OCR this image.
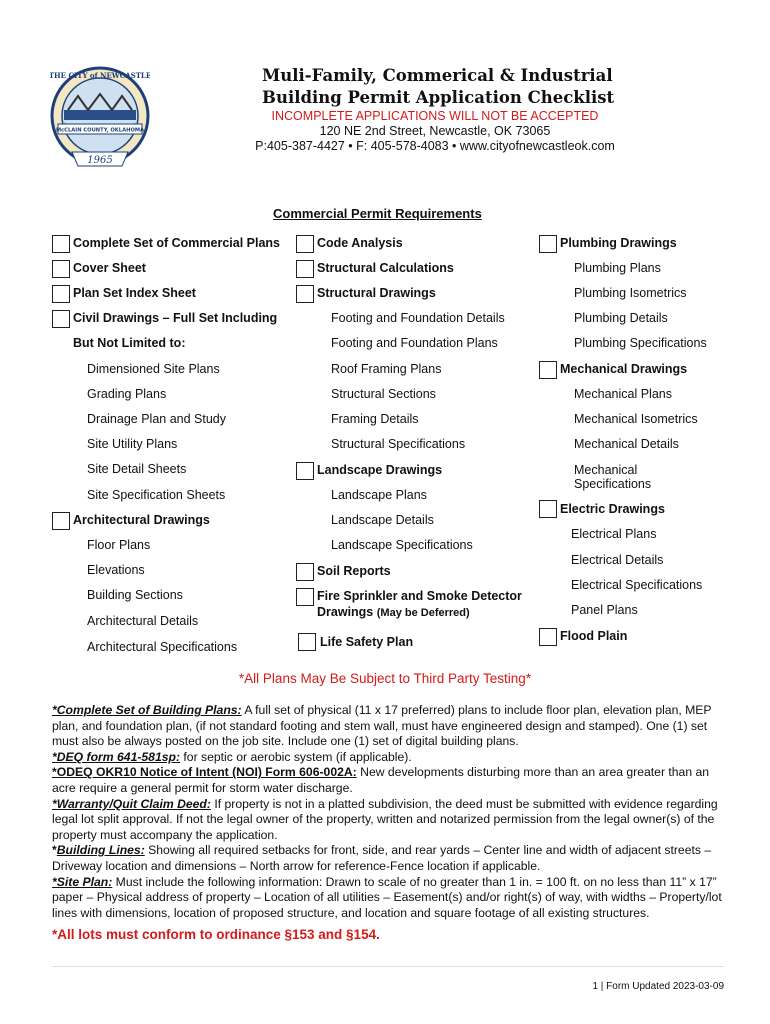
McCLAIN COUNTY, OKLAHOMA
THE CITY of NEWCASTLE
1965
Muli-Family, Commerical & Industrial
Building Permit Application Checklist
INCOMPLETE APPLICATIONS WILL NOT BE ACCEPTED
120 NE 2nd Street, Newcastle, OK 73065
P:405-387-4427 • F: 405-578-4083 • www.cityofnewcastleok.com
Commercial Permit Requirements
Complete Set of Commercial Plans
Cover Sheet
Plan Set Index Sheet
Civil Drawings – Full Set Including
But Not Limited to:
Dimensioned Site Plans
Grading Plans
Drainage Plan and Study
Site Utility Plans
Site Detail Sheets
Site Specification Sheets
Architectural Drawings
Floor Plans
Elevations
Building Sections
Architectural Details
Architectural Specifications
Code Analysis
Structural Calculations
Structural Drawings
Footing and Foundation Details
Footing and Foundation Plans
Roof Framing Plans
Structural Sections
Framing Details
Structural Specifications
Landscape Drawings
Landscape Plans
Landscape Details
Landscape Specifications
Soil Reports
Fire Sprinkler and Smoke Detector
Drawings (May be Deferred)
Life Safety Plan
Plumbing Drawings
Plumbing Plans
Plumbing Isometrics
Plumbing Details
Plumbing Specifications
Mechanical Drawings
Mechanical Plans
Mechanical Isometrics
Mechanical Details
Mechanical
Specifications
Electric Drawings
Electrical Plans
Electrical Details
Electrical Specifications
Panel Plans
Flood Plain
*All Plans May Be Subject to Third Party Testing*
*Complete Set of Building Plans: A full set of physical (11 x 17 preferred) plans to include floor plan, elevation plan, MEP plan, and foundation plan, (if not standard footing and stem wall, must have engineered design and stamped). One (1) set must also be always posted on the job site. Include one (1) set of digital building plans.
*DEQ form 641-581sp: for septic or aerobic system (if applicable).
*ODEQ OKR10 Notice of Intent (NOI) Form 606-002A: New developments disturbing more than an area greater than an acre require a general permit for storm water discharge.
*Warranty/Quit Claim Deed: If property is not in a platted subdivision, the deed must be submitted with evidence regarding legal lot split approval. If not the legal owner of the property, written and notarized permission from the legal owner(s) of the property must accompany the application.
*Building Lines: Showing all required setbacks for front, side, and rear yards – Center line and width of adjacent streets – Driveway location and dimensions – North arrow for reference-Fence location if applicable.
*Site Plan: Must include the following information: Drawn to scale of no greater than 1 in. = 100 ft. on no less than 11” x 17” paper – Physical address of property – Location of all utilities – Easement(s) and/or right(s) of way, with widths – Property/lot lines with dimensions, location of proposed structure, and location and square footage of all existing structures.
*All lots must conform to ordinance §153 and §154.
1 | Form Updated 2023-03-09
